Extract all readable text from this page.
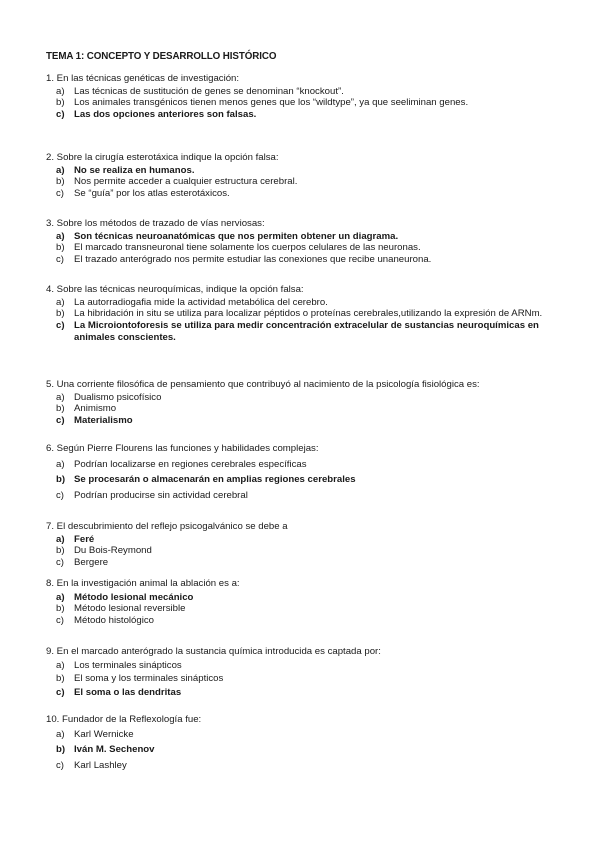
TEMA 1: CONCEPTO Y DESARROLLO HISTÓRICO
1. En las técnicas genéticas de investigación:
a) Las técnicas de sustitución de genes se denominan “knockout”.
b) Los animales transgénicos tienen menos genes que los “wildtype”, ya que seeliminan genes.
c) Las dos opciones anteriores son falsas.
2. Sobre la cirugía esterotáxica indique la opción falsa:
a) No se realiza en humanos.
b) Nos permite acceder a cualquier estructura cerebral.
c)	Se “guía” por los atlas esterotáxicos.
3. Sobre los métodos de trazado de vías nerviosas:
a) Son técnicas neuroanatómicas que nos permiten obtener un diagrama.
b) El marcado transneuronal tiene solamente los cuerpos celulares de las neuronas.
c)	El trazado anterógrado nos permite estudiar las conexiones que recibe unaneurona.
4. Sobre las técnicas neuroquímicas, indique la opción falsa:
a) La autorradiogafia mide la actividad metabólica del cerebro.
b) La hibridación in situ se utiliza para localizar péptidos o proteínas cerebrales,utilizando la expresión de ARNm.
c) La Microiontoforesis se utiliza para medir concentración extracelular de sustancias neuroquímicas en animales conscientes.
5. Una corriente filosófica de pensamiento que contribuyó al nacimiento de la psicología fisiológica es:
a) Dualismo psicofísico
b) Animismo
c) Materialismo
6. Según Pierre Flourens las funciones y habilidades complejas:
a) Podrían localizarse en regiones cerebrales específicas
b) Se procesarán o almacenarán en amplias regiones cerebrales
c)	Podrían producirse sin actividad cerebral
7. El descubrimiento del reflejo psicogalvánico se debe a
a) Feré
b) Du Bois-Reymond
c)	Bergere
8. En la investigación animal la ablación es a:
a) Método lesional mecánico
b) Método lesional reversible
c)	Método histológico
9. En el marcado anterógrado la sustancia química introducida es captada por:
a) Los terminales sinápticos
b) El soma y los terminales sinápticos
c) El soma o las dendritas
10. Fundador de la Reflexología fue:
a) Karl Wernicke
b) Iván M. Sechenov
c)	Karl Lashley
